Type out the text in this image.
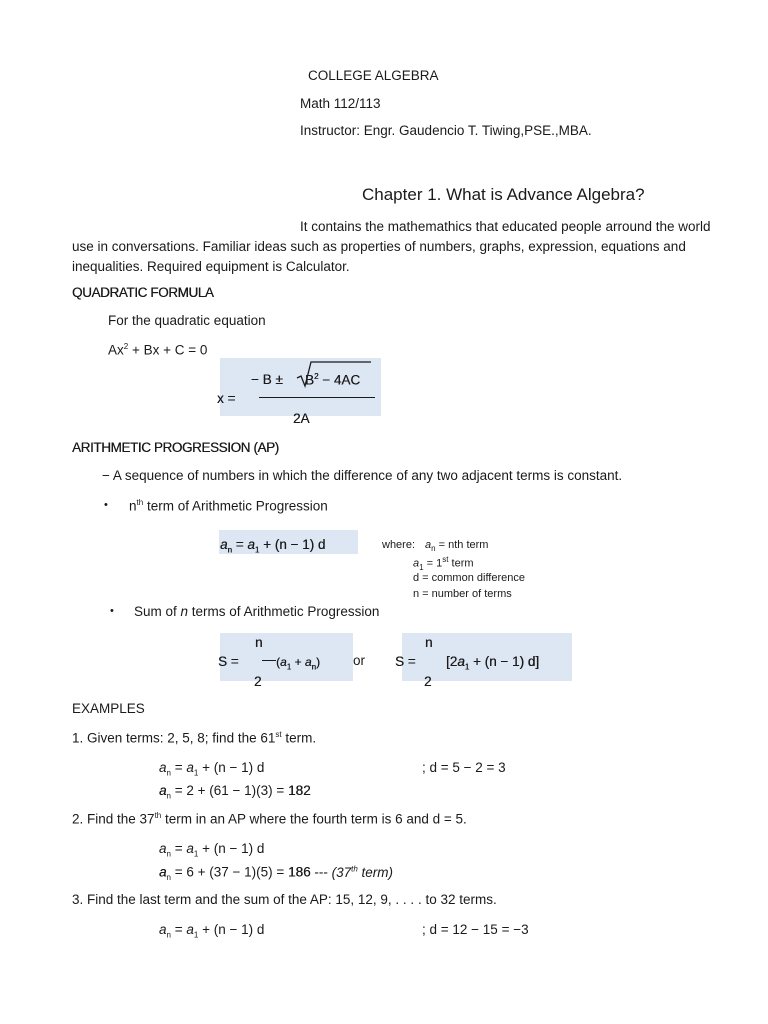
COLLEGE ALGEBRA
Math 112/113
Instructor: Engr. Gaudencio T. Tiwing,PSE.,MBA.
Chapter 1. What is Advance Algebra?
It contains the mathemathics that educated people arround the world use in conversations. Familiar ideas such as properties of numbers, graphs, expression, equations and inequalities. Required equipment is Calculator.
QUADRATIC FORMULA
For the quadratic equation
$Ax^2 + Bx + C = 0$
x =
− $B \pm B^2 - 4AC$
2A
ARITHMETIC PROGRESSION (AP)
− A sequence of numbers in which the difference of any two adjacent terms is constant.
• $n^{th}$ term of Arithmetic Progression
$a_n = a_1 + (n - 1)$ d	where: $a_n$ = nth term
$a_1 = 1st$ term
d = common difference
n = number of terms
• Sum of n terms of Arithmetic Progression
n
S =	$(a_1 + a_n)$
2
or
n
$S = [2a_1 + (n - 1)$ d]
2
EXAMPLES
1. Given terms: 2, 5, 8; find the 61st term.
$a_n = a_1 + (n - 1)$ d	; d = 5 − 2 = 3
$a_n = 2 + (61 - 1)(3) = 182$
2. Find the 37th term in an AP where the fourth term is 6 and d = 5.
$a_n = a_1 + (n - 1)$ d
$a_n = 6 + (37 - 1)(5) = 186$ --- (37th term)
3. Find the last term and the sum of the AP: 15, 12, 9, . . . . to 32 terms.
$a_n = a_1 + (n - 1)$ d	; d = 12 − 15 = −3
